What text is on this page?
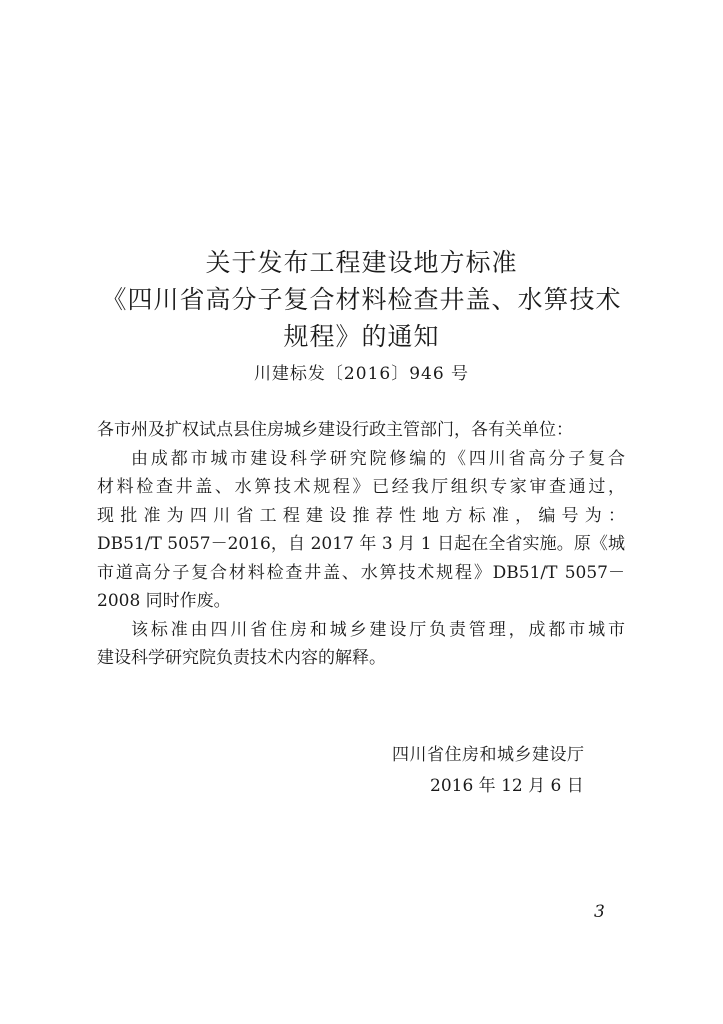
关于发布工程建设地方标准
《四川省高分子复合材料检查井盖、水箅技术
规程》的通知
川建标发〔2016〕946 号
各市州及扩权试点县住房城乡建设行政主管部门，各有关单位：
由成都市城市建设科学研究院修编的《四川省高分子复合
材料检查井盖、水箅技术规程》已经我厅组织专家审查通过，
现批准为四川省工程建设推荐性地方标准，编号为：
DB51/T 5057－2016，自 2017 年 3 月 1 日起在全省实施。原《城
市道高分子复合材料检查井盖、水箅技术规程》DB51/T 5057－
2008 同时作废。
该标准由四川省住房和城乡建设厅负责管理，成都市城市
建设科学研究院负责技术内容的解释。
四川省住房和城乡建设厅
2016 年 12 月 6 日
3
